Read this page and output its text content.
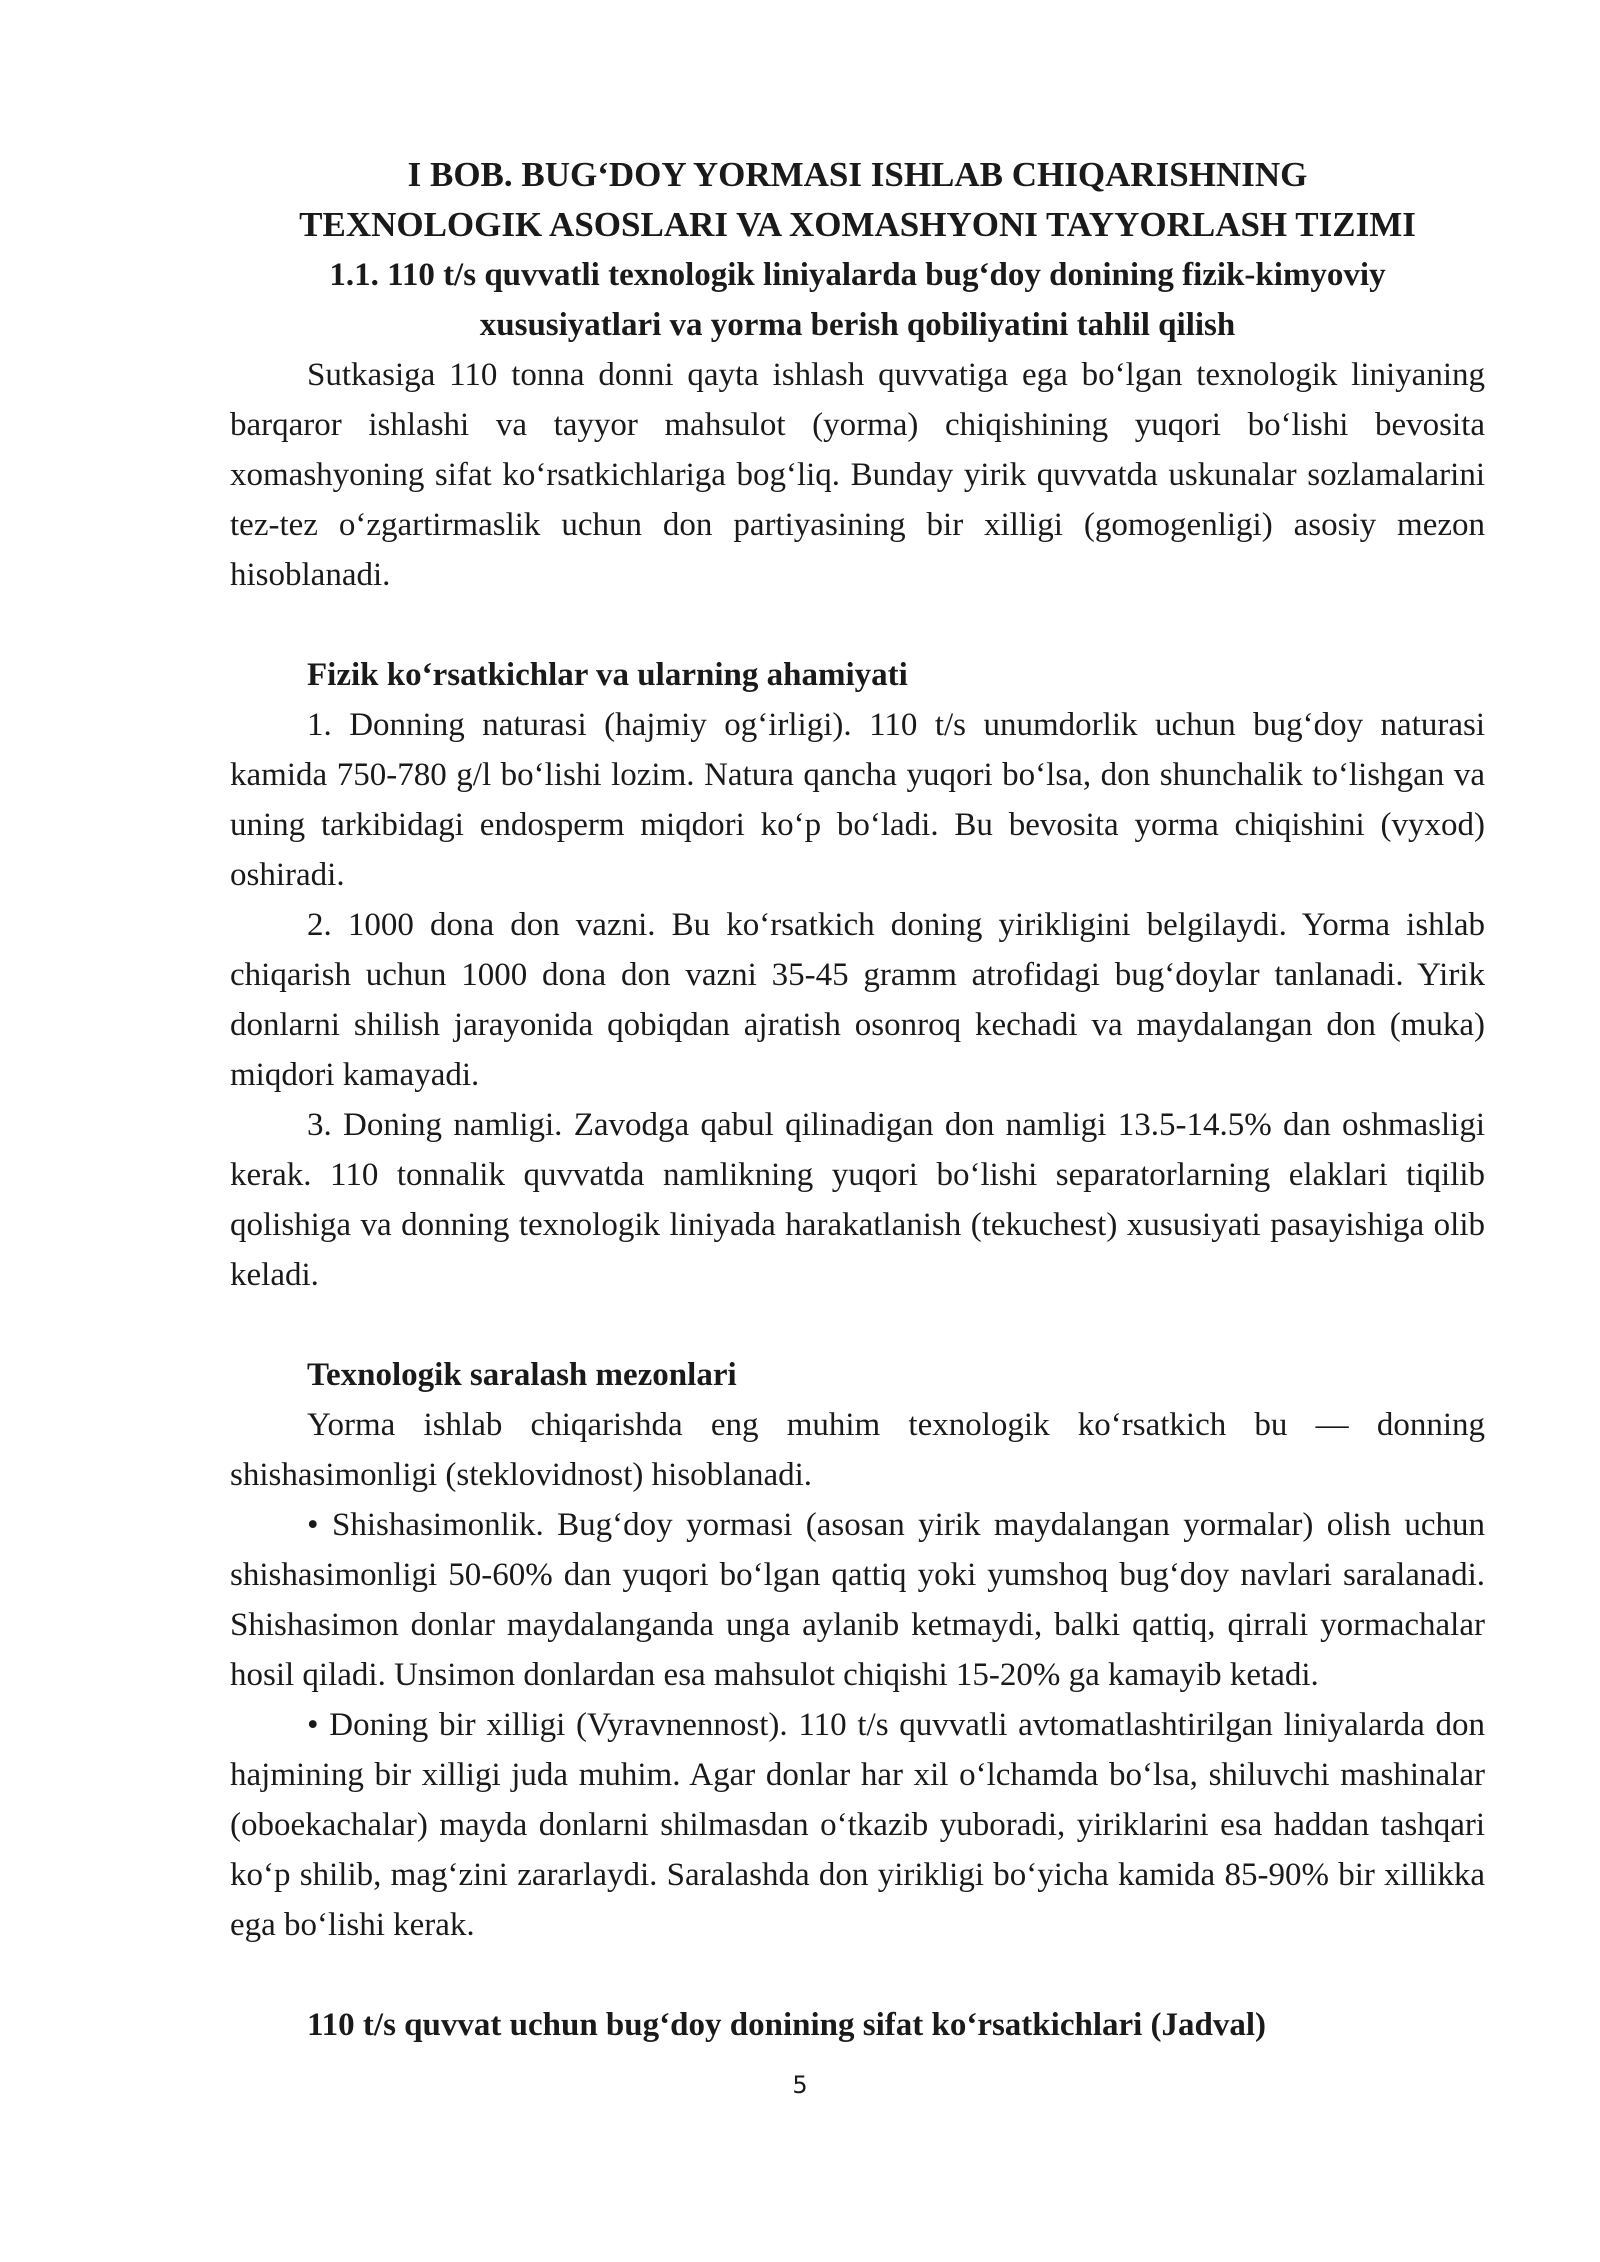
I BOB. BUG‘DOY YORMASI ISHLAB CHIQARISHNING
TEXNOLOGIK ASOSLARI VA XOMASHYONI TAYYORLASH TIZIMI
1.1. 110 t/s quvvatli texnologik liniyalarda bug‘doy donining fizik-kimyoviy
xususiyatlari va yorma berish qobiliyatini tahlil qilish

Sutkasiga 110 tonna donni qayta ishlash quvvatiga ega bo‘lgan texnologik liniyaning barqaror ishlashi va tayyor mahsulot (yorma) chiqishining yuqori bo‘lishi bevosita xomashyoning sifat ko‘rsatkichlariga bog‘liq. Bunday yirik quvvatda uskunalar sozlamalarini tez-tez o‘zgartirmaslik uchun don partiyasining bir xilligi (gomogenligi) asosiy mezon hisoblanadi.

Fizik ko‘rsatkichlar va ularning ahamiyati

1. Donning naturasi (hajmiy og‘irligi). 110 t/s unumdorlik uchun bug‘doy naturasi kamida 750-780 g/l bo‘lishi lozim. Natura qancha yuqori bo‘lsa, don shunchalik to‘lishgan va uning tarkibidagi endosperm miqdori ko‘p bo‘ladi. Bu bevosita yorma chiqishini (vyxod) oshiradi.

2. 1000 dona don vazni. Bu ko‘rsatkich doning yirikligini belgilaydi. Yorma ishlab chiqarish uchun 1000 dona don vazni 35-45 gramm atrofidagi bug‘doylar tanlanadi. Yirik donlarni shilish jarayonida qobiqdan ajratish osonroq kechadi va maydalangan don (muka) miqdori kamayadi.

3. Doning namligi. Zavodga qabul qilinadigan don namligi 13.5-14.5% dan oshmasligi kerak. 110 tonnalik quvvatda namlikning yuqori bo‘lishi separatorlarning elaklari tiqilib qolishiga va donning texnologik liniyada harakatlanish (tekuchest) xususiyati pasayishiga olib keladi.

Texnologik saralash mezonlari

Yorma ishlab chiqarishda eng muhim texnologik ko‘rsatkich bu — donning shishasimonligi (steklovidnost) hisoblanadi.

• Shishasimonlik. Bug‘doy yormasi (asosan yirik maydalangan yormalar) olish uchun shishasimonligi 50-60% dan yuqori bo‘lgan qattiq yoki yumshoq bug‘doy navlari saralanadi. Shishasimon donlar maydalanganda unga aylanib ketmaydi, balki qattiq, qirrali yormachalar hosil qiladi. Unsimon donlardan esa mahsulot chiqishi 15-20% ga kamayib ketadi.

• Doning bir xilligi (Vyravnennost). 110 t/s quvvatli avtomatlashtirilgan liniyalarda don hajmining bir xilligi juda muhim. Agar donlar har xil o‘lchamda bo‘lsa, shiluvchi mashinalar (oboekachalar) mayda donlarni shilmasdan o‘tkazib yuboradi, yiriklarini esa haddan tashqari ko‘p shilib, mag‘zini zararlaydi. Saralashda don yirikligi bo‘yicha kamida 85-90% bir xillikka ega bo‘lishi kerak.

110 t/s quvvat uchun bug‘doy donining sifat ko‘rsatkichlari (Jadval)
5
